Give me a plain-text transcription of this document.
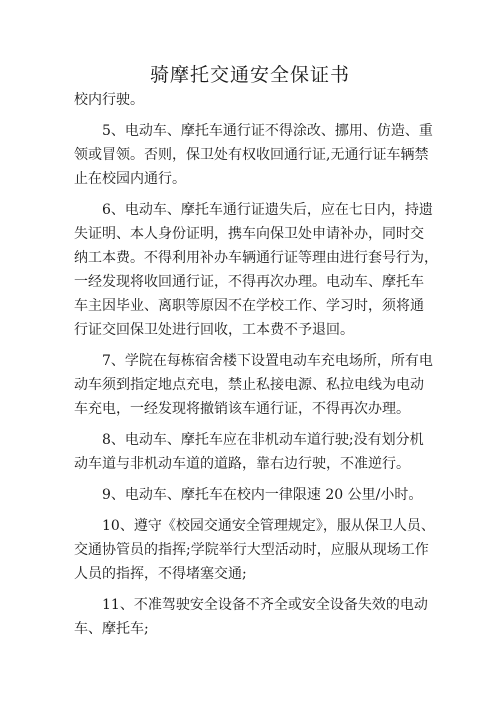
骑摩托交通安全保证书

校内行驶。

5、电动车、摩托车通行证不得涂改、挪用、仿造、重
领或冒领。否则，保卫处有权收回通行证,无通行证车辆禁
止在校园内通行。

6、电动车、摩托车通行证遗失后，应在七日内，持遗
失证明、本人身份证明，携车向保卫处申请补办，同时交
纳工本费。不得利用补办车辆通行证等理由进行套号行为，
一经发现将收回通行证，不得再次办理。电动车、摩托车
车主因毕业、离职等原因不在学校工作、学习时，须将通
行证交回保卫处进行回收，工本费不予退回。

7、学院在每栋宿舍楼下设置电动车充电场所，所有电
动车须到指定地点充电，禁止私接电源、私拉电线为电动
车充电，一经发现将撤销该车通行证，不得再次办理。

8、电动车、摩托车应在非机动车道行驶;没有划分机
动车道与非机动车道的道路，靠右边行驶，不准逆行。

9、电动车、摩托车在校内一律限速 20 公里/小时。

10、遵守《校园交通安全管理规定》，服从保卫人员、
交通协管员的指挥;学院举行大型活动时，应服从现场工作
人员的指挥，不得堵塞交通;

11、不准驾驶安全设备不齐全或安全设备失效的电动
车、摩托车;
